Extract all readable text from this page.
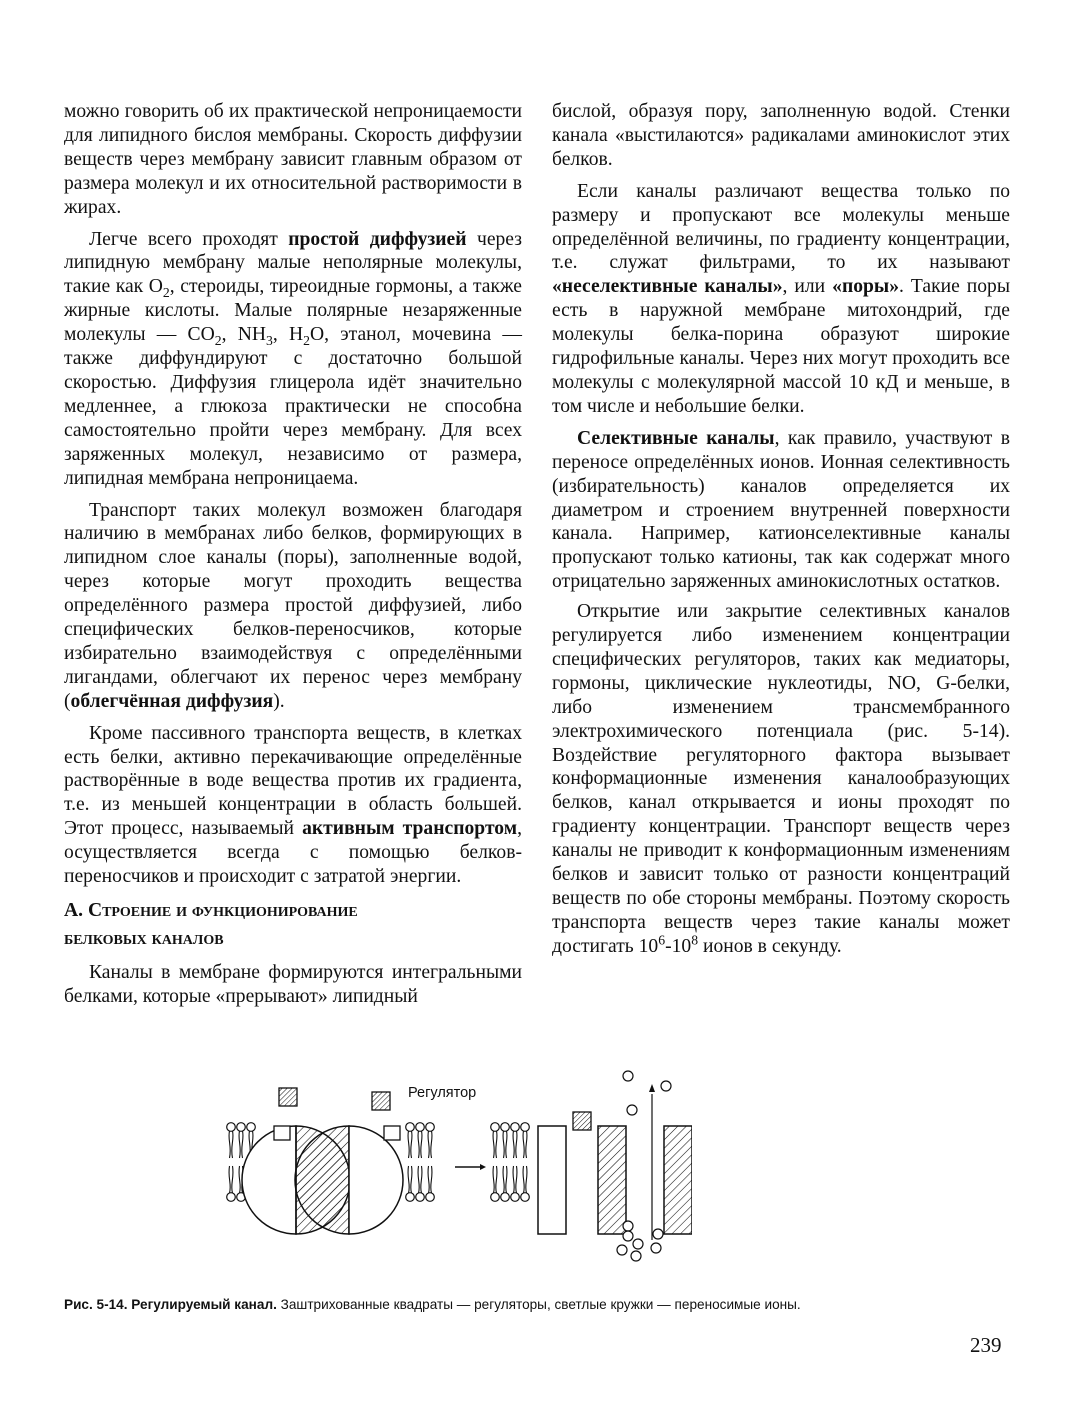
можно говорить об их практической непроницаемости для липидного бислоя мембраны. Скорость диффузии веществ через мембрану зависит главным образом от размера молекул и их относительной растворимости в жирах.

Легче всего проходят простой диффузией через липидную мембрану малые неполярные молекулы, такие как $O_2$, стероиды, тиреоидные гормоны, а также жирные кислоты. Малые полярные незаряженные молекулы — $CO_2$, $NH_3$, $H_2O$, этанол, мочевина — также диффундируют с достаточно большой скоростью. Диффузия глицерола идёт значительно медленнее, а глюкоза практически не способна самостоятельно пройти через мембрану. Для всех заряженных молекул, независимо от размера, липидная мембрана непроницаема.

Транспорт таких молекул возможен благодаря наличию в мембранах либо белков, формирующих в липидном слое каналы (поры), заполненные водой, через которые могут проходить вещества определённого размера простой диффузией, либо специфических белков-переносчиков, которые избирательно взаимодействуя с определёнными лигандами, облегчают их перенос через мембрану (облегчённая диффузия).

Кроме пассивного транспорта веществ, в клетках есть белки, активно перекачивающие определённые растворённые в воде вещества против их градиента, т.е. из меньшей концентрации в область большей. Этот процесс, называемый активным транспортом, осуществляется всегда с помощью белков-переносчиков и происходит с затратой энергии.

А. Строение и функционирование
белковых каналов

Каналы в мембране формируются интегральными белками, которые «прерывают» липидный

бислой, образуя пору, заполненную водой. Стенки канала «выстилаются» радикалами аминокислот этих белков.

Если каналы различают вещества только по размеру и пропускают все молекулы меньше определённой величины, по градиенту концентрации, т.е. служат фильтрами, то их называют «неселективные каналы», или «поры». Такие поры есть в наружной мембране митохондрий, где молекулы белка-порина образуют широкие гидрофильные каналы. Через них могут проходить все молекулы с молекулярной массой 10 кД и меньше, в том числе и небольшие белки.

Селективные каналы, как правило, участвуют в переносе определённых ионов. Ионная селективность (избирательность) каналов определяется их диаметром и строением внутренней поверхности канала. Например, катионселективные каналы пропускают только катионы, так как содержат много отрицательно заряженных аминокислотных остатков.

Открытие или закрытие селективных каналов регулируется либо изменением концентрации специфических регуляторов, таких как медиаторы, гормоны, циклические нуклеотиды, NO, G-белки, либо изменением трансмембранного электрохимического потенциала (рис. 5-14). Воздействие регуляторного фактора вызывает конформационные изменения каналообразующих белков, канал открывается и ионы проходят по градиенту концентрации. Транспорт веществ через каналы не приводит к конформационным изменениям белков и зависит только от разности концентраций веществ по обе стороны мембраны. Поэтому скорость транспорта веществ через такие каналы может достигать $10^6-10^8$ ионов в секунду.

Регулятор
Рис. 5-14. Регулируемый канал. Заштрихованные квадраты — регуляторы, светлые кружки — переносимые ионы.
239
